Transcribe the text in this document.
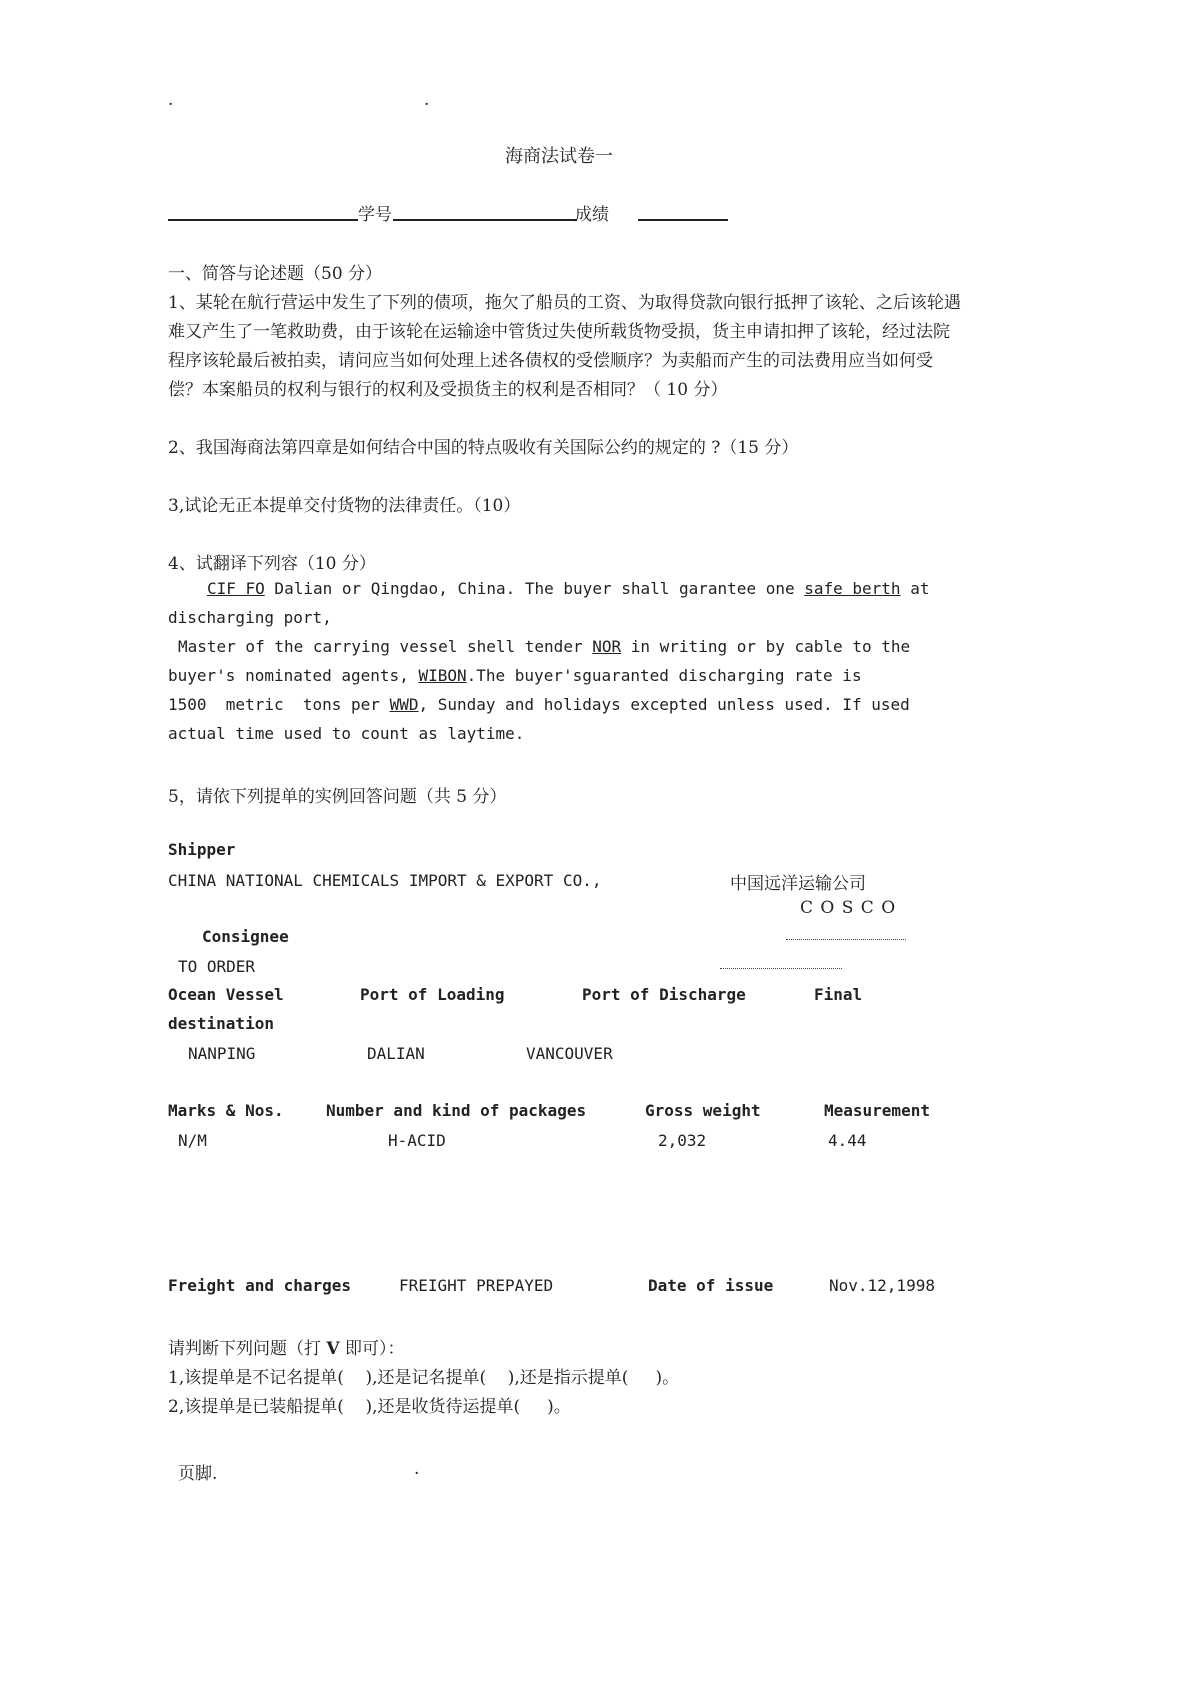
.	.
海商法试卷一
学号	成绩
一、简答与论述题（50 分）
1、某轮在航行营运中发生了下列的债项，拖欠了船员的工资、为取得贷款向银行抵押了该轮、之后该轮遇
难又产生了一笔救助费，由于该轮在运输途中管货过失使所载货物受损，货主申请扣押了该轮，经过法院
程序该轮最后被拍卖，请问应当如何处理上述各债权的受偿顺序？为卖船而产生的司法费用应当如何受
偿？本案船员的权利与银行的权利及受损货主的权利是否相同？（ 10 分）
2、我国海商法第四章是如何结合中国的特点吸收有关国际公约的规定的 ?（15 分）
3,试论无正本提单交付货物的法律责任。（10）
4、试翻译下列容（10 分）
CIF FO Dalian or Qingdao, China. The buyer shall garantee one safe berth at
discharging port,
Master of the carrying vessel shell tender NOR in writing or by cable to the
buyer's nominated agents, WIBON.The buyer'sguaranted discharging rate is
1500  metric  tons per WWD, Sunday and holidays excepted unless used. If used
actual time used to count as laytime.
5，请依下列提单的实例回答问题（共 5 分）
Shipper
CHINA NATIONAL CHEMICALS IMPORT & EXPORT CO.,	中国远洋运输公司
C O S C O
Consignee
TO ORDER
Ocean Vessel	Port of Loading	Port of Discharge	Final
destination
NANPING	DALIAN	VANCOUVER
Marks & Nos.	Number and kind of packages	Gross weight	Measurement
N/M	H-ACID	2,032	4.44
Freight and charges	FREIGHT PREPAYED	Date of issue	Nov.12,1998
请判断下列问题（打 V 即可）：
1,该提单是不记名提单(    ),还是记名提单(    ),还是指示提单(     )。
2,该提单是已装船提单(    ),还是收货待运提单(     )。
页脚.	.
